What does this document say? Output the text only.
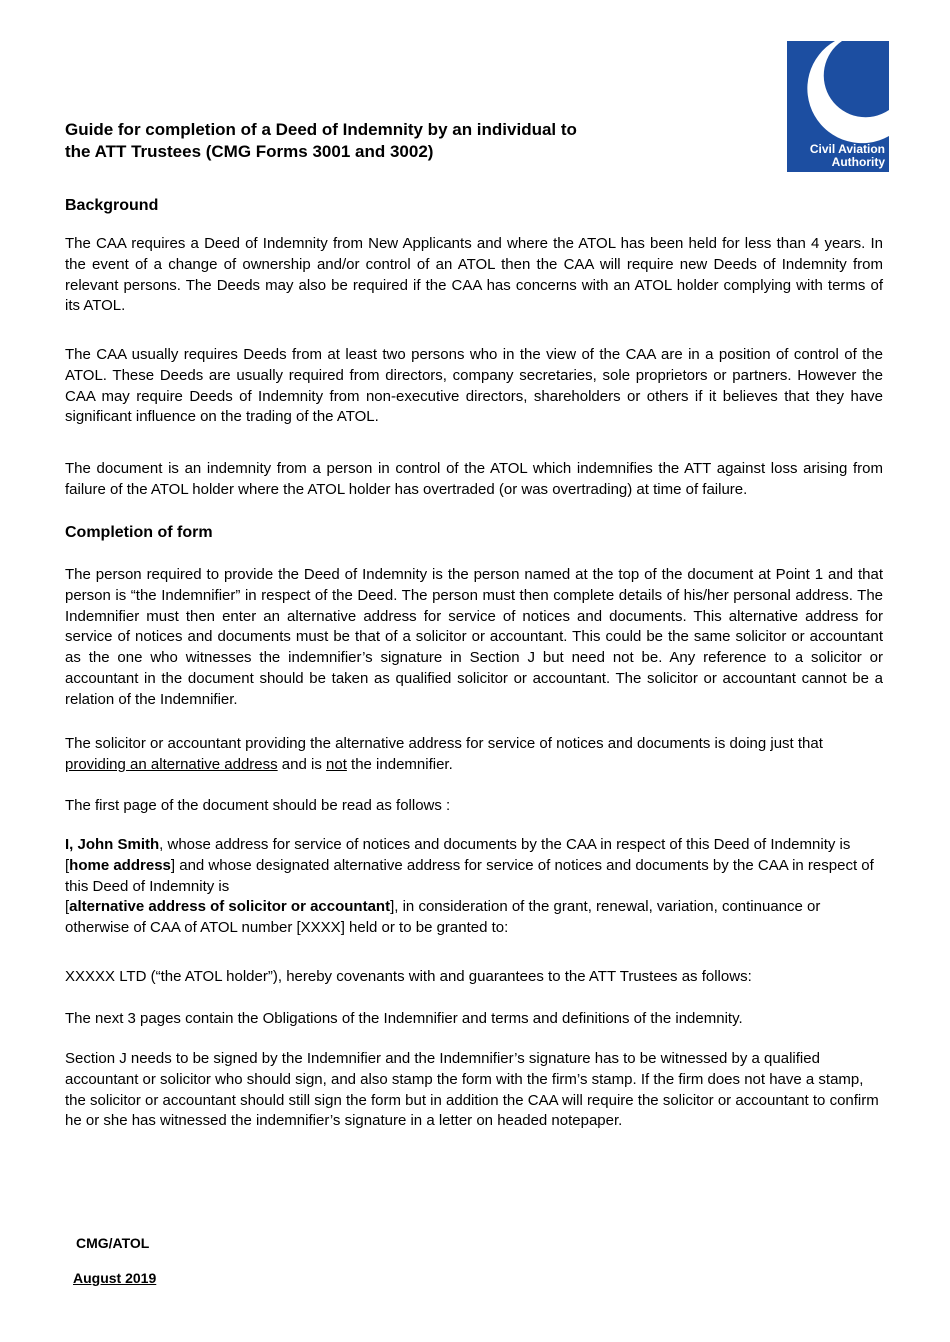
Guide for completion of a Deed of Indemnity by an individual to
the ATT Trustees (CMG Forms 3001 and 3002)	Civil Aviation
Authority
Background

The CAA requires a Deed of Indemnity from New Applicants and where the ATOL has been held for less than 4 years. In the event of a change of ownership and/or control of an ATOL then the CAA will require new Deeds of Indemnity from relevant persons. The Deeds may also be required if the CAA has concerns with an ATOL holder complying with terms of its ATOL.

The CAA usually requires Deeds from at least two persons who in the view of the CAA are in a position of control of the ATOL. These Deeds are usually required from directors, company secretaries, sole proprietors or partners. However the CAA may require Deeds of Indemnity from non-executive directors, shareholders or others if it believes that they have significant influence on the trading of the ATOL.

The document is an indemnity from a person in control of the ATOL which indemnifies the ATT against loss arising from failure of the ATOL holder where the ATOL holder has overtraded (or was overtrading) at time of failure.

Completion of form

The person required to provide the Deed of Indemnity is the person named at the top of the document at Point 1 and that person is “the Indemnifier” in respect of the Deed. The person must then complete details of his/her personal address. The Indemnifier must then enter an alternative address for service of notices and documents. This alternative address for service of notices and documents must be that of a solicitor or accountant. This could be the same solicitor or accountant as the one who witnesses the indemnifier’s signature in Section J but need not be. Any reference to a solicitor or accountant in the document should be taken as qualified solicitor or accountant. The solicitor or accountant cannot be a relation of the Indemnifier.

The solicitor or accountant providing the alternative address for service of notices and documents is doing just that providing an alternative address and is not the indemnifier.

The first page of the document should be read as follows :

I, John Smith, whose address for service of notices and documents by the CAA in respect of this Deed of Indemnity is [home address] and whose designated alternative address for service of notices and documents by the CAA in respect of this Deed of Indemnity is
[alternative address of solicitor or accountant], in consideration of the grant, renewal, variation, continuance or otherwise of CAA of ATOL number [XXXX] held or to be granted to:

XXXXX LTD (“the ATOL holder”), hereby covenants with and guarantees to the ATT Trustees as follows:

The next 3 pages contain the Obligations of the Indemnifier and terms and definitions of the indemnity.

Section J needs to be signed by the Indemnifier and the Indemnifier’s signature has to be witnessed by a qualified accountant or solicitor who should sign, and also stamp the form with the firm’s stamp. If the firm does not have a stamp, the solicitor or accountant should still sign the form but in addition the CAA will require the solicitor or accountant to confirm he or she has witnessed the indemnifier’s signature in a letter on headed notepaper.

CMG/ATOL

August 2019
